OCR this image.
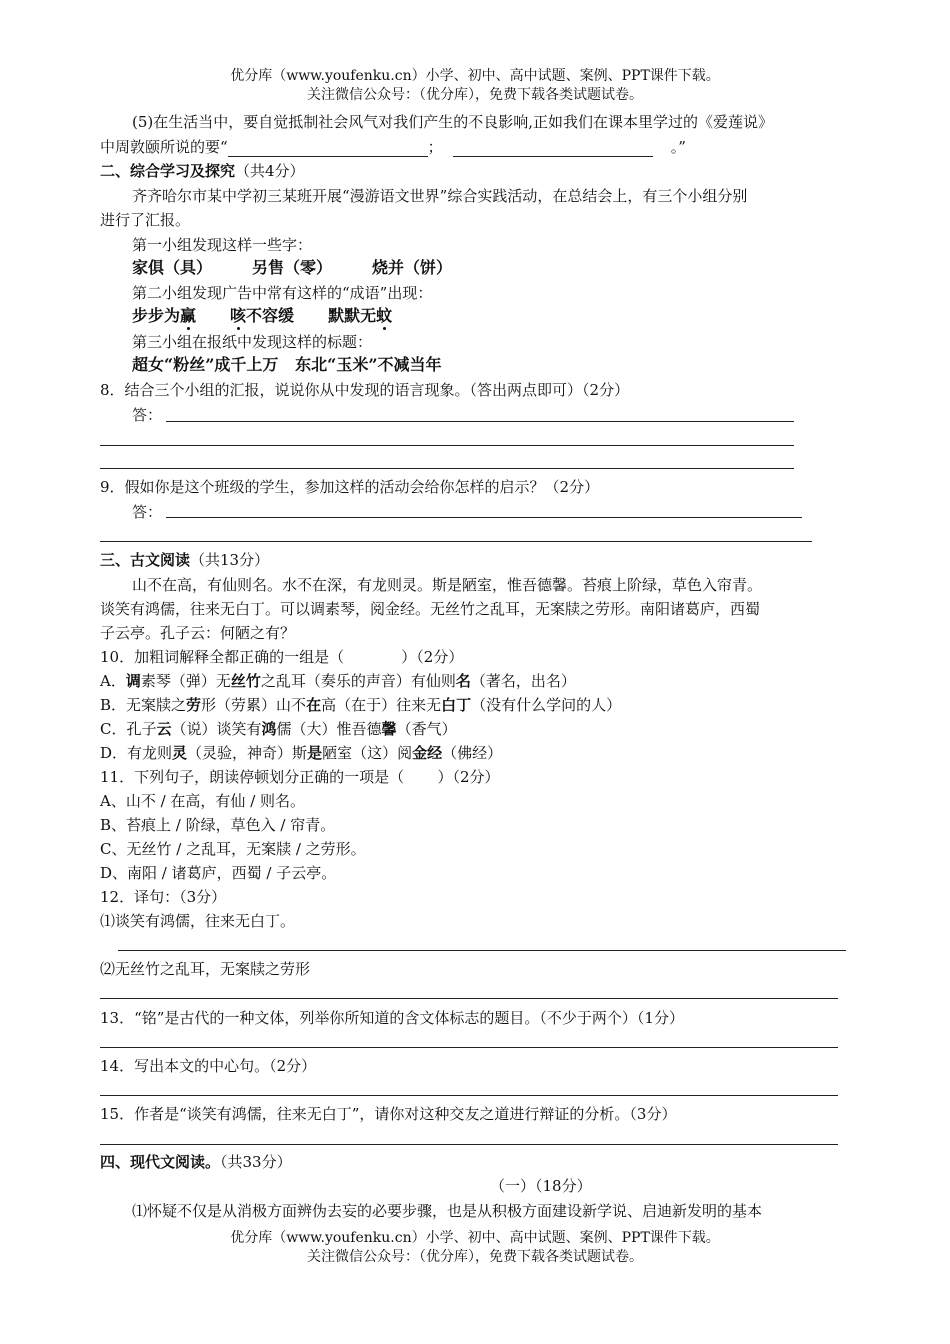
优分库（www.youfenku.cn）小学、初中、高中试题、案例、PPT课件下载。
关注微信公众号：（优分库），免费下载各类试题试卷。
(5)在生活当中，要自觉抵制社会风气对我们产生的不良影响,正如我们在课本里学过的《爱莲说》
中周敦颐所说的要“	；	。”
二、综合学习及探究（共4分）
齐齐哈尔市某中学初三某班开展“漫游语文世界”综合实践活动，在总结会上，有三个小组分别
进行了汇报。
第一小组发现这样一些字：
家俱（具）	另售（零）	烧并（饼）
第二小组发现广告中常有这样的“成语”出现：
步步为赢 咳不容缓 默默无蚊
第三小组在报纸中发现这样的标题：
超女“粉丝”成千上万   东北“玉米”不减当年
8．结合三个小组的汇报，说说你从中发现的语言现象。（答出两点即可）（2分）
答：
9．假如你是这个班级的学生，参加这样的活动会给你怎样的启示？（2分）
答：
三、古文阅读（共13分）
山不在高，有仙则名。水不在深，有龙则灵。斯是陋室，惟吾德馨。苔痕上阶绿，草色入帘青。
谈笑有鸿儒，往来无白丁。可以调素琴，阅金经。无丝竹之乱耳，无案牍之劳形。南阳诸葛庐，西蜀
子云亭。孔子云：何陋之有？
10．加粗词解释全都正确的一组是（            ）（2分）
A．调素琴（弹）无丝竹之乱耳（奏乐的声音）有仙则名（著名，出名）
B．无案牍之劳形（劳累）山不在高（在于）往来无白丁（没有什么学问的人）
C．孔子云（说）谈笑有鸿儒（大）惟吾德馨（香气）
D．有龙则灵（灵验，神奇）斯是陋室（这）阅金经（佛经）
11．下列句子，朗读停顿划分正确的一项是（       ）（2分）
A、山不 / 在高，有仙 / 则名。
B、苔痕上 / 阶绿，草色入 / 帘青。
C、无丝竹 / 之乱耳，无案牍 / 之劳形。
D、南阳 / 诸葛庐，西蜀 / 子云亭。
12．译句：（3分）
⑴谈笑有鸿儒，往来无白丁。
⑵无丝竹之乱耳，无案牍之劳形
13．“铭”是古代的一种文体，列举你所知道的含文体标志的题目。（不少于两个）（1分）
14．写出本文的中心句。（2分）
15．作者是“谈笑有鸿儒，往来无白丁”，请你对这种交友之道进行辩证的分析。（3分）
四、现代文阅读。（共33分）
（一）（18分）
⑴怀疑不仅是从消极方面辨伪去妄的必要步骤，也是从积极方面建设新学说、启迪新发明的基本
优分库（www.youfenku.cn）小学、初中、高中试题、案例、PPT课件下载。
关注微信公众号：（优分库），免费下载各类试题试卷。
